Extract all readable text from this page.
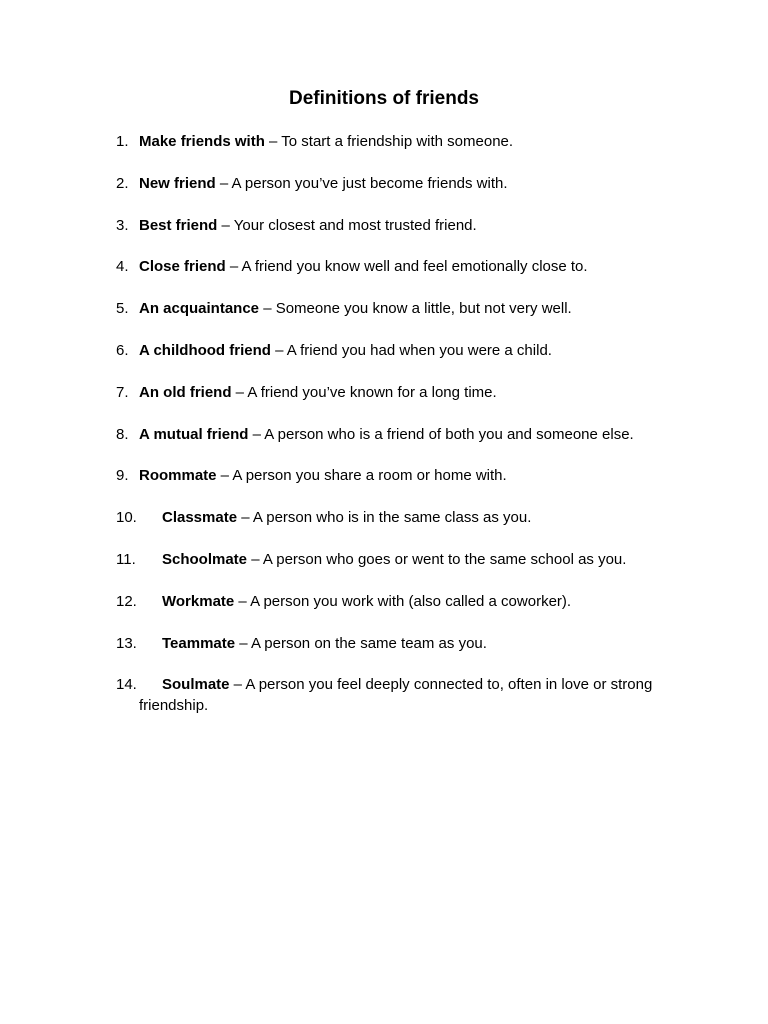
Definitions of friends
1. Make friends with – To start a friendship with someone.
2. New friend – A person you’ve just become friends with.
3. Best friend – Your closest and most trusted friend.
4. Close friend – A friend you know well and feel emotionally close to.
5. An acquaintance – Someone you know a little, but not very well.
6. A childhood friend – A friend you had when you were a child.
7. An old friend – A friend you’ve known for a long time.
8. A mutual friend – A person who is a friend of both you and someone else.
9. Roommate – A person you share a room or home with.
10. Classmate – A person who is in the same class as you.
11. Schoolmate – A person who goes or went to the same school as you.
12. Workmate – A person you work with (also called a coworker).
13. Teammate – A person on the same team as you.
14. Soulmate – A person you feel deeply connected to, often in love or strong friendship.
